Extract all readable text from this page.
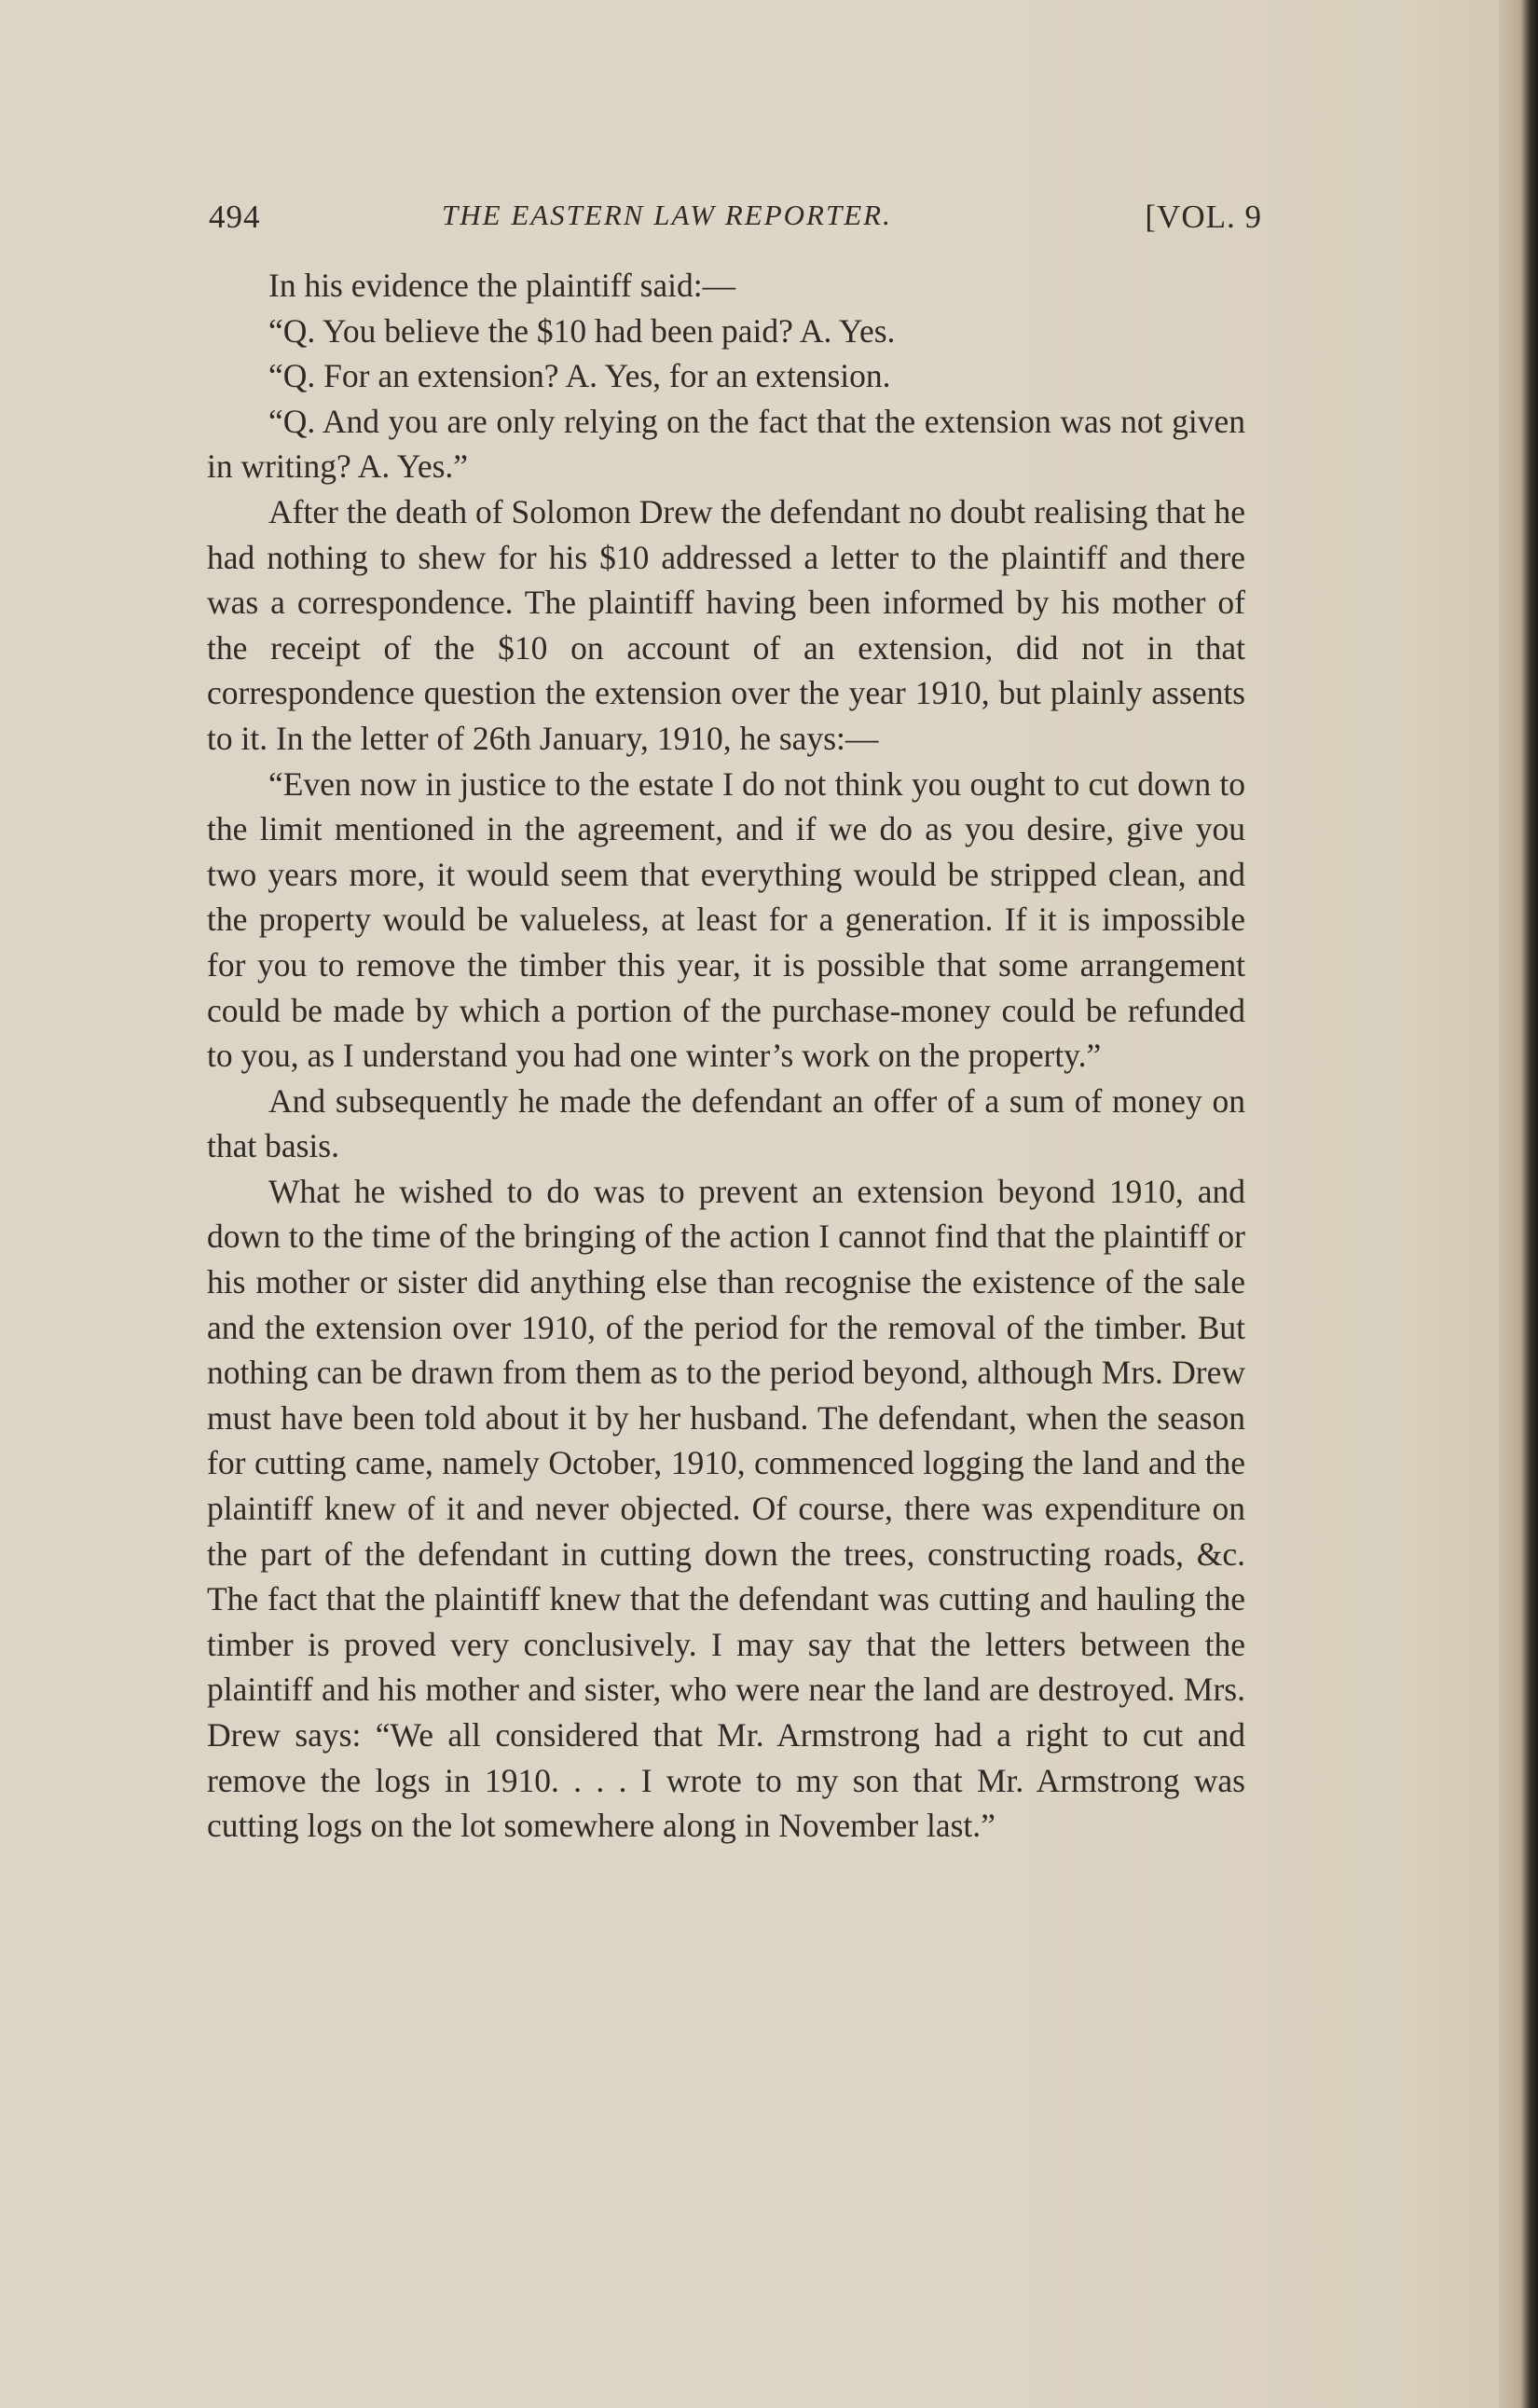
494	THE EASTERN LAW REPORTER.	[VOL. 9

In his evidence the plaintiff said:—

“Q. You believe the $10 had been paid? A. Yes.

“Q. For an extension? A. Yes, for an extension.

“Q. And you are only relying on the fact that the extension was not given in writing? A. Yes.”

After the death of Solomon Drew the defendant no doubt realising that he had nothing to shew for his $10 addressed a letter to the plaintiff and there was a correspondence. The plaintiff having been informed by his mother of the receipt of the $10 on account of an extension, did not in that correspondence question the extension over the year 1910, but plainly assents to it. In the letter of 26th January, 1910, he says:—

“Even now in justice to the estate I do not think you ought to cut down to the limit mentioned in the agreement, and if we do as you desire, give you two years more, it would seem that everything would be stripped clean, and the property would be valueless, at least for a generation. If it is impossible for you to remove the timber this year, it is possible that some arrangement could be made by which a portion of the purchase-money could be refunded to you, as I understand you had one winter’s work on the property.”

And subsequently he made the defendant an offer of a sum of money on that basis.

What he wished to do was to prevent an extension beyond 1910, and down to the time of the bringing of the action I cannot find that the plaintiff or his mother or sister did anything else than recognise the existence of the sale and the extension over 1910, of the period for the removal of the timber. But nothing can be drawn from them as to the period beyond, although Mrs. Drew must have been told about it by her husband. The defendant, when the season for cutting came, namely October, 1910, commenced logging the land and the plaintiff knew of it and never objected. Of course, there was expenditure on the part of the defendant in cutting down the trees, constructing roads, &c. The fact that the plaintiff knew that the defendant was cutting and hauling the timber is proved very conclusively. I may say that the letters between the plaintiff and his mother and sister, who were near the land are destroyed. Mrs. Drew says: “We all considered that Mr. Armstrong had a right to cut and remove the logs in 1910. . . . I wrote to my son that Mr. Armstrong was cutting logs on the lot somewhere along in November last.”
